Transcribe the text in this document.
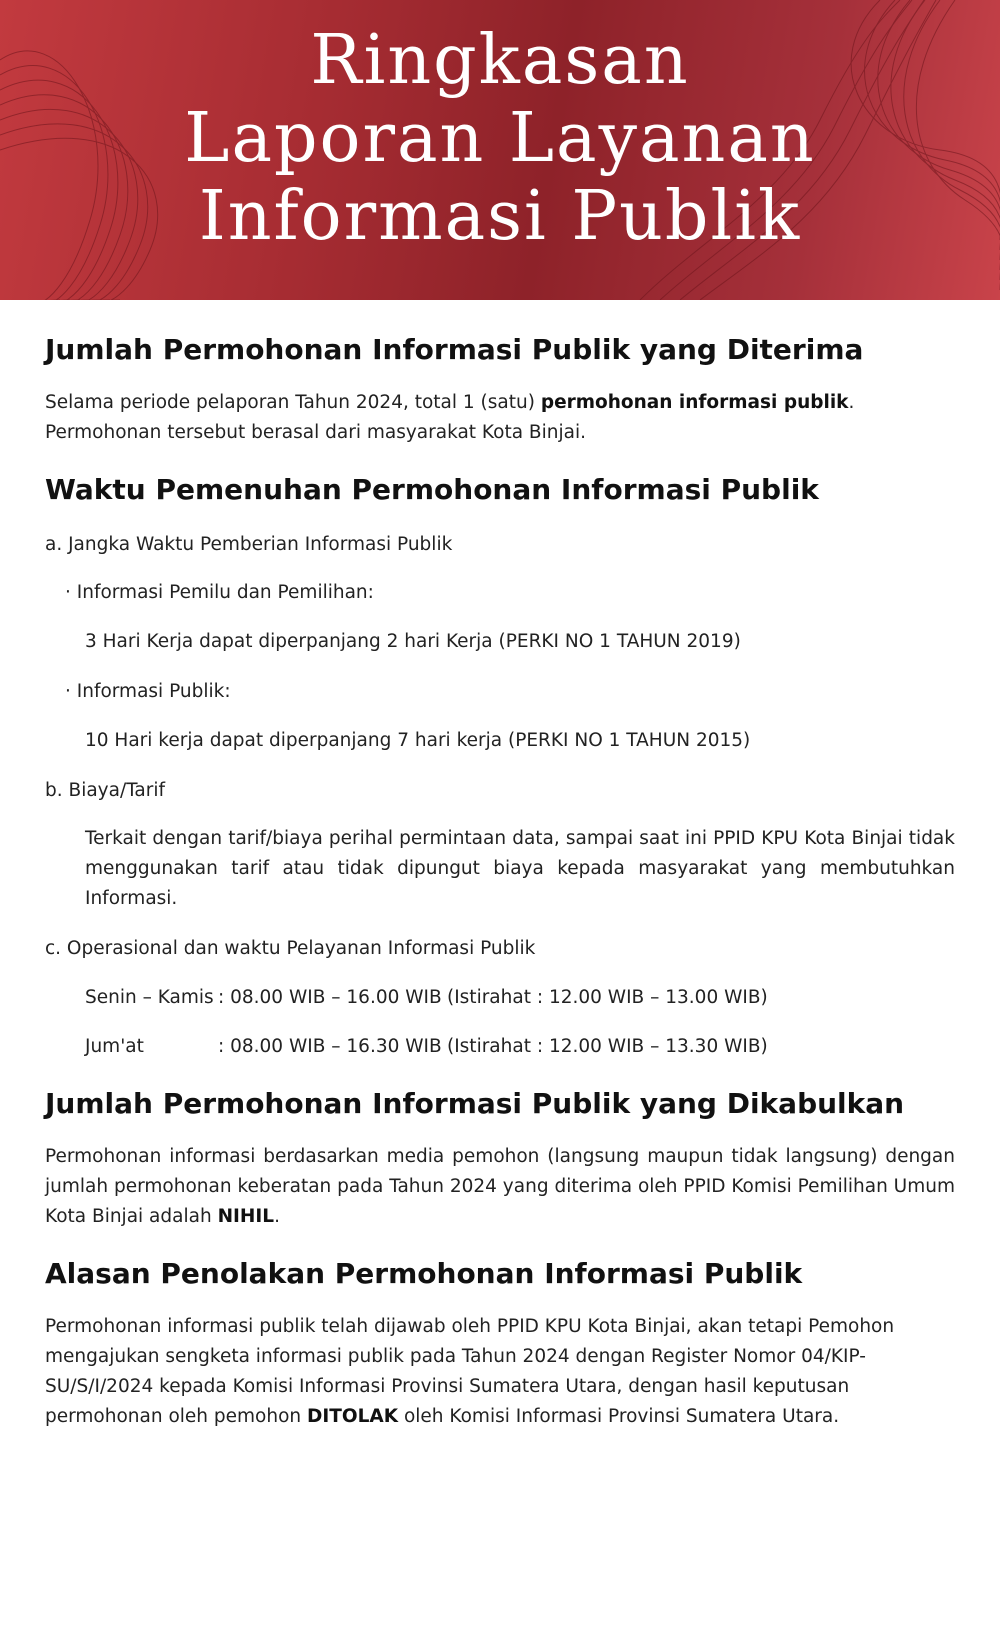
Ringkasan
Laporan Layanan
Informasi Publik
Jumlah Permohonan Informasi Publik yang Diterima

Selama periode pelaporan Tahun 2024, total 1 (satu) permohonan informasi publik. Permohonan tersebut berasal dari masyarakat Kota Binjai.

Waktu Pemenuhan Permohonan Informasi Publik
a. Jangka Waktu Pemberian Informasi Publik
· Informasi Pemilu dan Pemilihan:
3 Hari Kerja dapat diperpanjang 2 hari Kerja (PERKI NO 1 TAHUN 2019)
· Informasi Publik:
10 Hari kerja dapat diperpanjang 7 hari kerja (PERKI NO 1 TAHUN 2015)
b. Biaya/Tarif

Terkait dengan tarif/biaya perihal permintaan data, sampai saat ini PPID KPU Kota Binjai tidak menggunakan tarif atau tidak dipungut biaya kepada masyarakat yang membutuhkan Informasi.

c. Operasional dan waktu Pelayanan Informasi Publik
Senin – Kamis : 08.00 WIB – 16.00 WIB (Istirahat : 12.00 WIB – 13.00 WIB)
Jum'at	: 08.00 WIB – 16.30 WIB (Istirahat : 12.00 WIB – 13.30 WIB)
Jumlah Permohonan Informasi Publik yang Dikabulkan

Permohonan informasi berdasarkan media pemohon (langsung maupun tidak langsung) dengan jumlah permohonan keberatan pada Tahun 2024 yang diterima oleh PPID Komisi Pemilihan Umum Kota Binjai adalah NIHIL.

Alasan Penolakan Permohonan Informasi Publik

Permohonan informasi publik telah dijawab oleh PPID KPU Kota Binjai, akan tetapi Pemohon mengajukan sengketa informasi publik pada Tahun 2024 dengan Register Nomor 04/KIP-SU/S/I/2024 kepada Komisi Informasi Provinsi Sumatera Utara, dengan hasil keputusan permohonan oleh pemohon DITOLAK oleh Komisi Informasi Provinsi Sumatera Utara.
